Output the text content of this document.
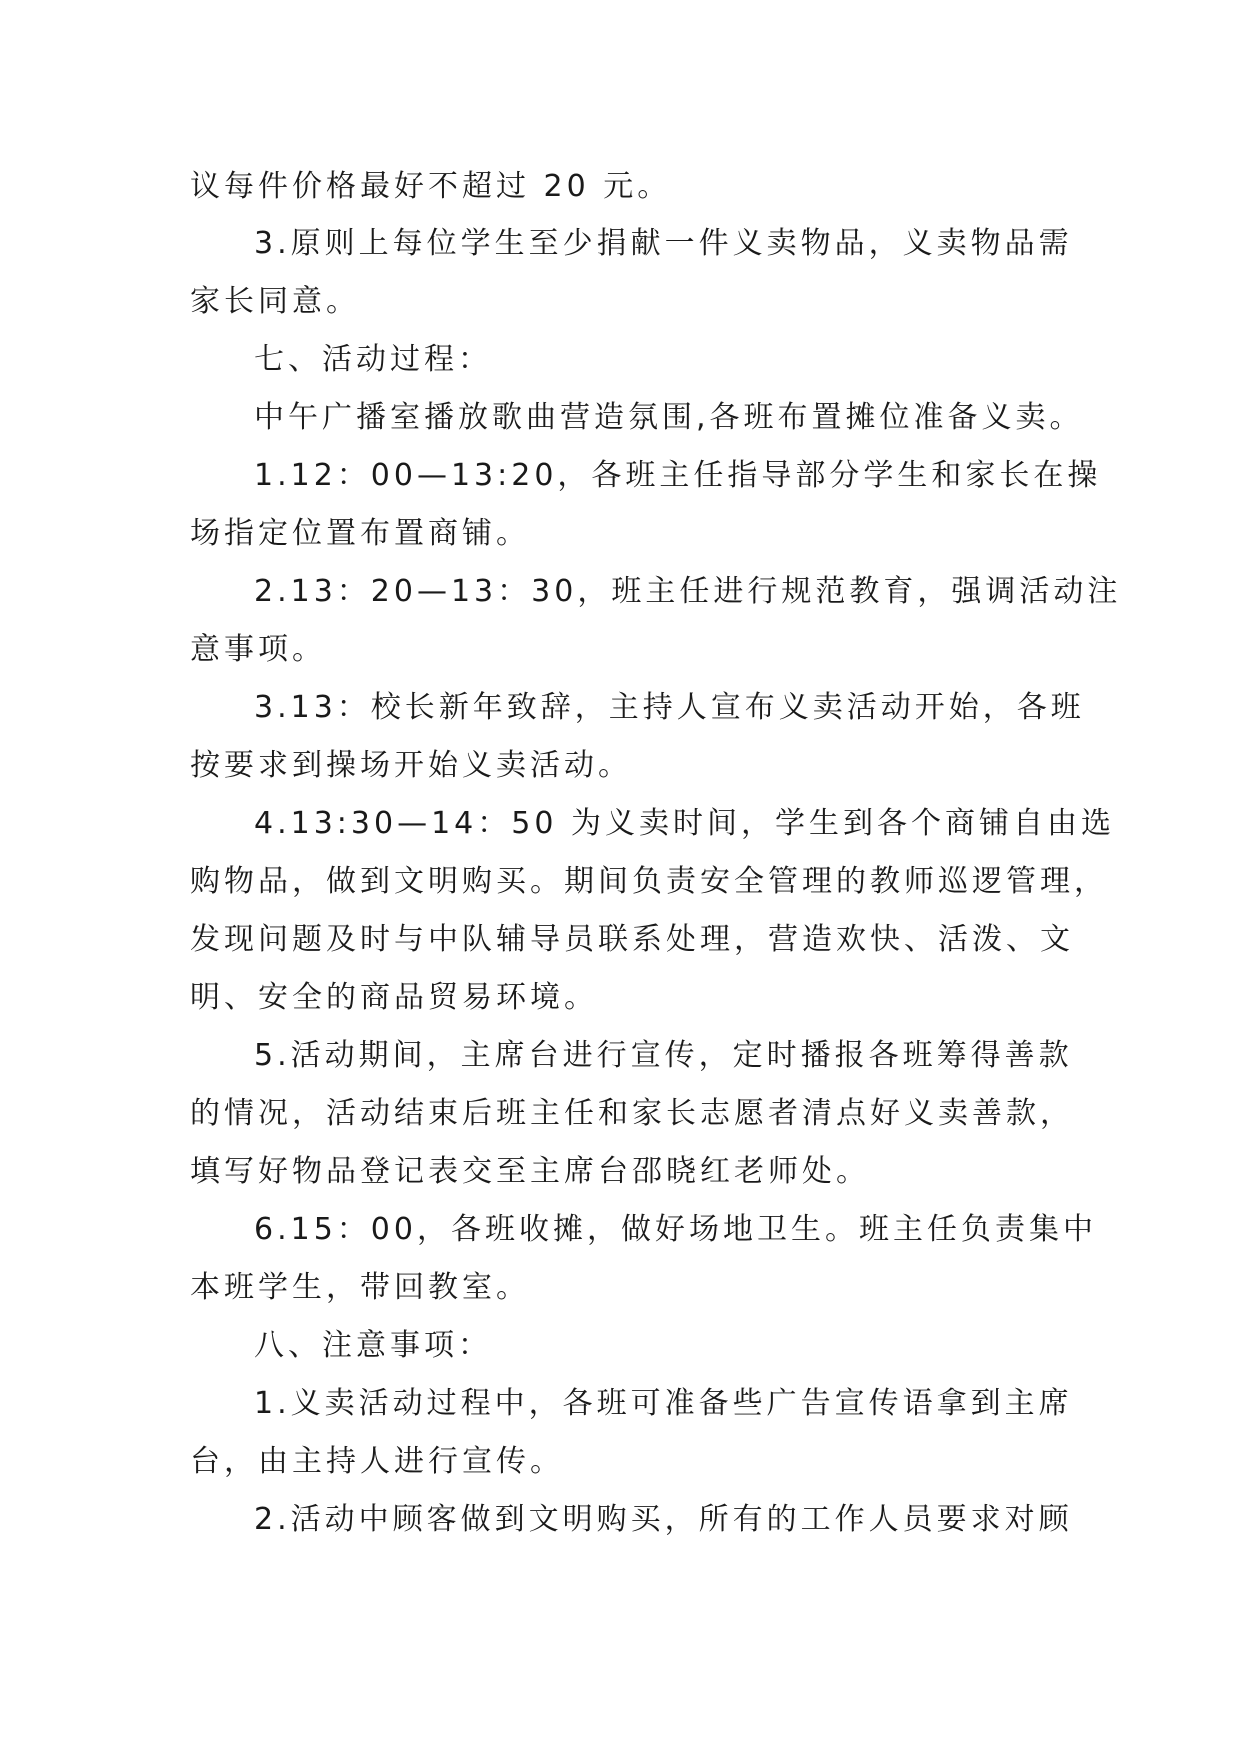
议每件价格最好不超过 20 元。
3.原则上每位学生至少捐献一件义卖物品，义卖物品需
家长同意。
七、活动过程：
中午广播室播放歌曲营造氛围,各班布置摊位准备义卖。
1.12：00—13:20，各班主任指导部分学生和家长在操
场指定位置布置商铺。
2.13：20—13：30，班主任进行规范教育，强调活动注
意事项。
3.13：校长新年致辞，主持人宣布义卖活动开始，各班
按要求到操场开始义卖活动。
4.13:30—14：50 为义卖时间，学生到各个商铺自由选
购物品，做到文明购买。期间负责安全管理的教师巡逻管理，
发现问题及时与中队辅导员联系处理，营造欢快、活泼、文
明、安全的商品贸易环境。
5.活动期间，主席台进行宣传，定时播报各班筹得善款
的情况，活动结束后班主任和家长志愿者清点好义卖善款，
填写好物品登记表交至主席台邵晓红老师处。
6.15：00，各班收摊，做好场地卫生。班主任负责集中
本班学生，带回教室。
八、注意事项：
1.义卖活动过程中，各班可准备些广告宣传语拿到主席
台，由主持人进行宣传。
2.活动中顾客做到文明购买，所有的工作人员要求对顾
